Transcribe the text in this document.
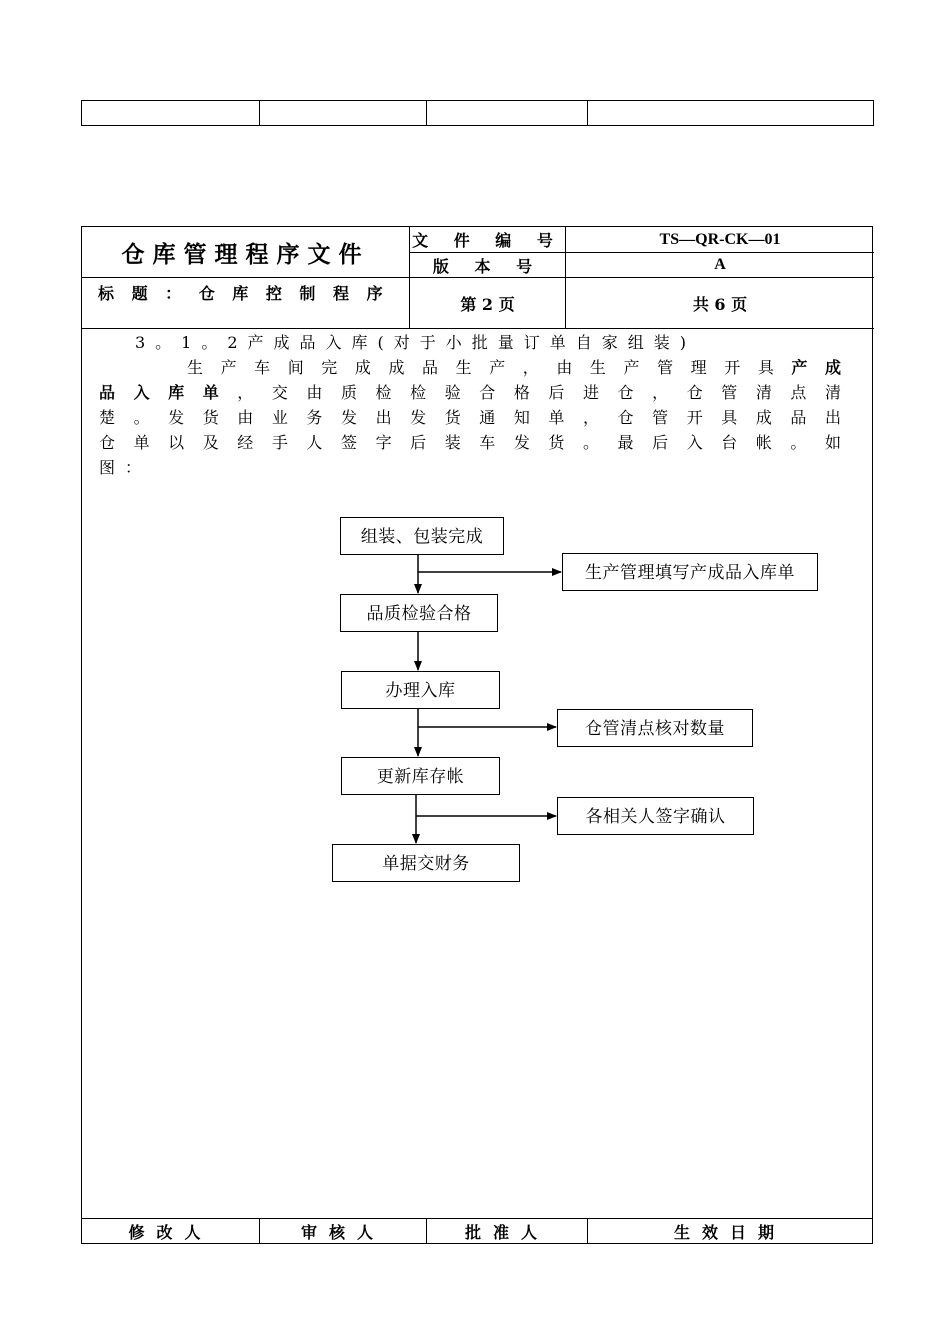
仓库管理程序文件	文 件 编 号	TS—QR-CK—01
版 本 号	A
标 题 ： 仓 库 控 制 程 序
第 2 页	共 6 页
3。1。2产成品入库(对于小批量订单自家组装)
生产车间完成成品生产，由生产管理开具产成
品入库单，交由质检检验合格后进仓，仓管清点清
楚。发货由业务发出发货通知单，仓管开具成品出
仓单以及经手人签字后装车发货。最后入台帐。如
图：
组装、包装完成
生产管理填写产成品入库单
品质检验合格
办理入库
仓管清点核对数量
更新库存帐
各相关人签字确认
单据交财务
修改人	审核人	批准人	生效日期
